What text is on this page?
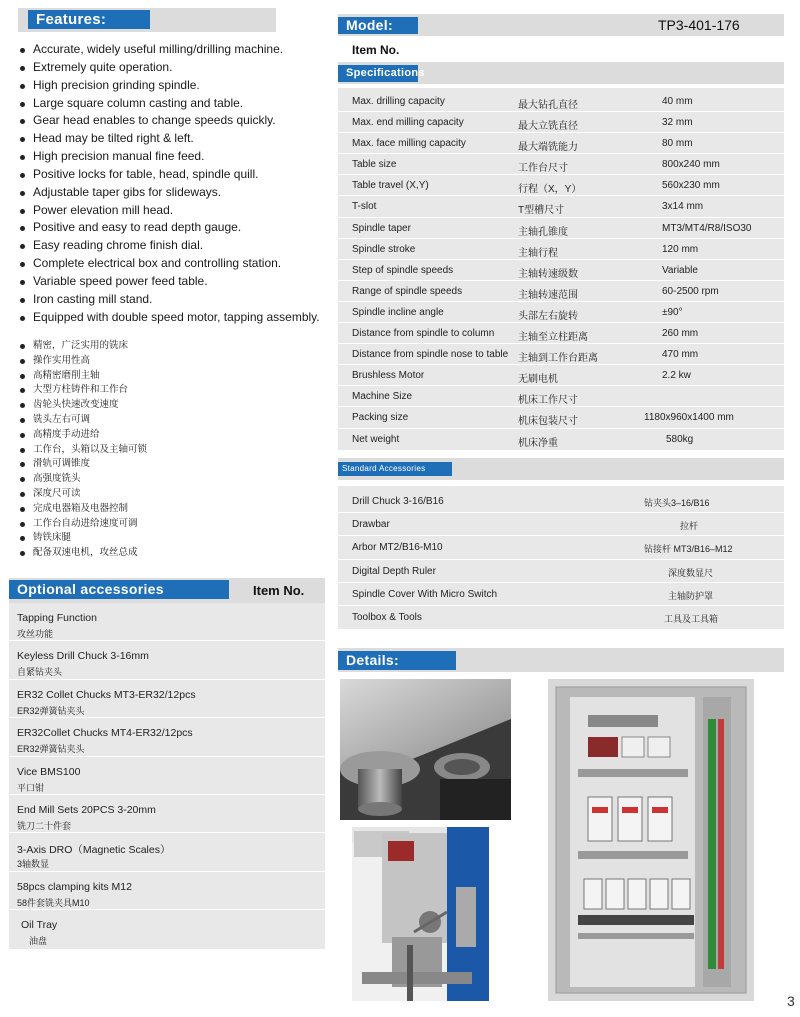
Features:
Accurate, widely useful milling/drilling machine.
Extremely quite operation.
High precision grinding spindle.
Large square column casting and table.
Gear head enables to change speeds quickly.
Head may be tilted right & left.
High precision manual fine feed.
Positive locks for table, head, spindle quill.
Adjustable taper gibs for slideways.
Power elevation mill head.
Positive and easy to read depth gauge.
Easy reading chrome finish dial.
Complete electrical box and controlling station.
Variable speed power feed table.
Iron casting mill stand.
Equipped with double speed motor, tapping assembly.
精密，广泛实用的铣床
操作实用性高
高精密磨削主轴
大型方柱铸件和工作台
齿轮头快速改变速度
铣头左右可调
高精度手动进给
工作台，头箱以及主轴可锁
滑轨可调锥度
高强度铣头
深度尺可读
完成电器箱及电器控制
工作台自动进给速度可调
铸铁床腿
配备双速电机，攻丝总成
Optional accessories	Item No.
Tapping Function
攻丝功能
Keyless Drill Chuck 3-16mm
自紧钻夹头
ER32 Collet Chucks MT3-ER32/12pcs
ER32弹簧钻夹头
ER32Collet Chucks MT4-ER32/12pcs
ER32弹簧钻夹头
Vice BMS100
平口钳
End Mill Sets 20PCS 3-20mm
铣刀二十件套
3-Axis DRO（Magnetic Scales）
3轴数显
58pcs clamping kits M12
58件套铣夹具M10
Oil Tray
油盘
Model:	TP3-401-176
Item No.
Specifications
Max. drilling capacity	最大钻孔直径	40 mm
Max. end milling capacity	最大立铣直径	32 mm
Max. face milling capacity	最大端铣能力	80 mm
Table size	工作台尺寸	800x240 mm
Table travel (X,Y)	行程（X，Y）	560x230 mm
T-slot	T型槽尺寸	3x14 mm
Spindle taper	主轴孔锥度	MT3/MT4/R8/ISO30
Spindle stroke	主轴行程	120 mm
Step of spindle speeds	主轴转速级数	Variable
Range of spindle speeds	主轴转速范围	60-2500 rpm
Spindle incline angle	头部左右旋转	±90°
Distance from spindle to column 主轴至立柱距离	260 mm
Distance from spindle nose to table 主轴到工作台距离	470 mm
Brushless Motor	无刷电机	2.2 kw
Machine Size	机床工作尺寸
Packing size	机床包装尺寸	1180x960x1400 mm
Net weight	机床净重	580kg
Standard Accessories
Drill Chuck 3-16/B16	钻夹头3–16/B16
Drawbar	拉杆
Arbor MT2/B16-M10	钻接杆 MT3/B16–M12
Digital Depth Ruler	深度数显尺
Spindle Cover With Micro Switch	主轴防护罩
Toolbox & Tools	工具及工具箱
Details:
3
